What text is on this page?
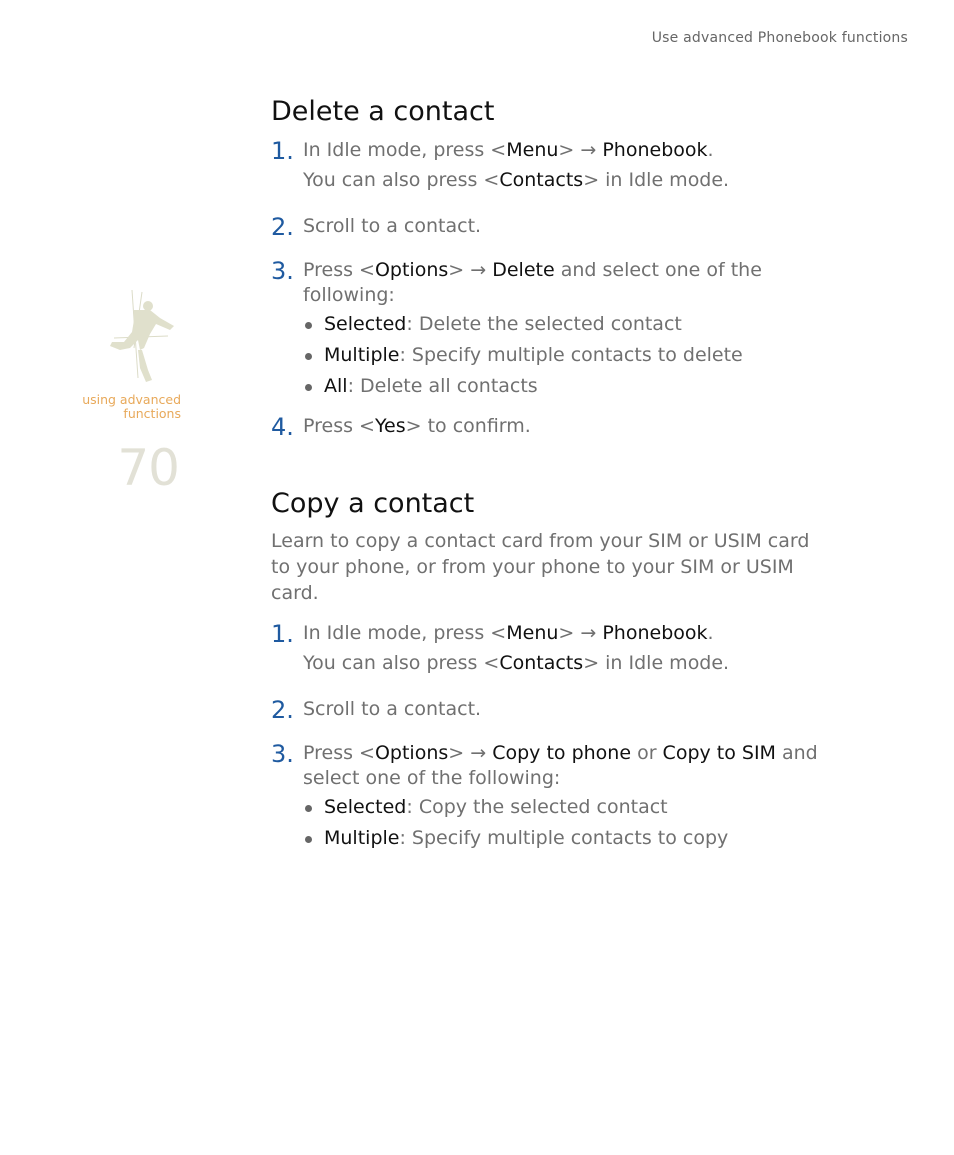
Use advanced Phonebook functions
using advanced
functions
70
Delete a contact
1. In Idle mode, press <Menu> → Phonebook.
You can also press <Contacts> in Idle mode.
2. Scroll to a contact.
3. Press <Options> → Delete and select one of the
following:
Selected: Delete the selected contact
Multiple: Specify multiple contacts to delete
All: Delete all contacts
4. Press <Yes> to confirm.
Copy a contact

Learn to copy a contact card from your SIM or USIM card
to your phone, or from your phone to your SIM or USIM
card.

1. In Idle mode, press <Menu> → Phonebook.
You can also press <Contacts> in Idle mode.
2. Scroll to a contact.
3. Press <Options> → Copy to phone or Copy to SIM and
select one of the following:
Selected: Copy the selected contact
Multiple: Specify multiple contacts to copy
